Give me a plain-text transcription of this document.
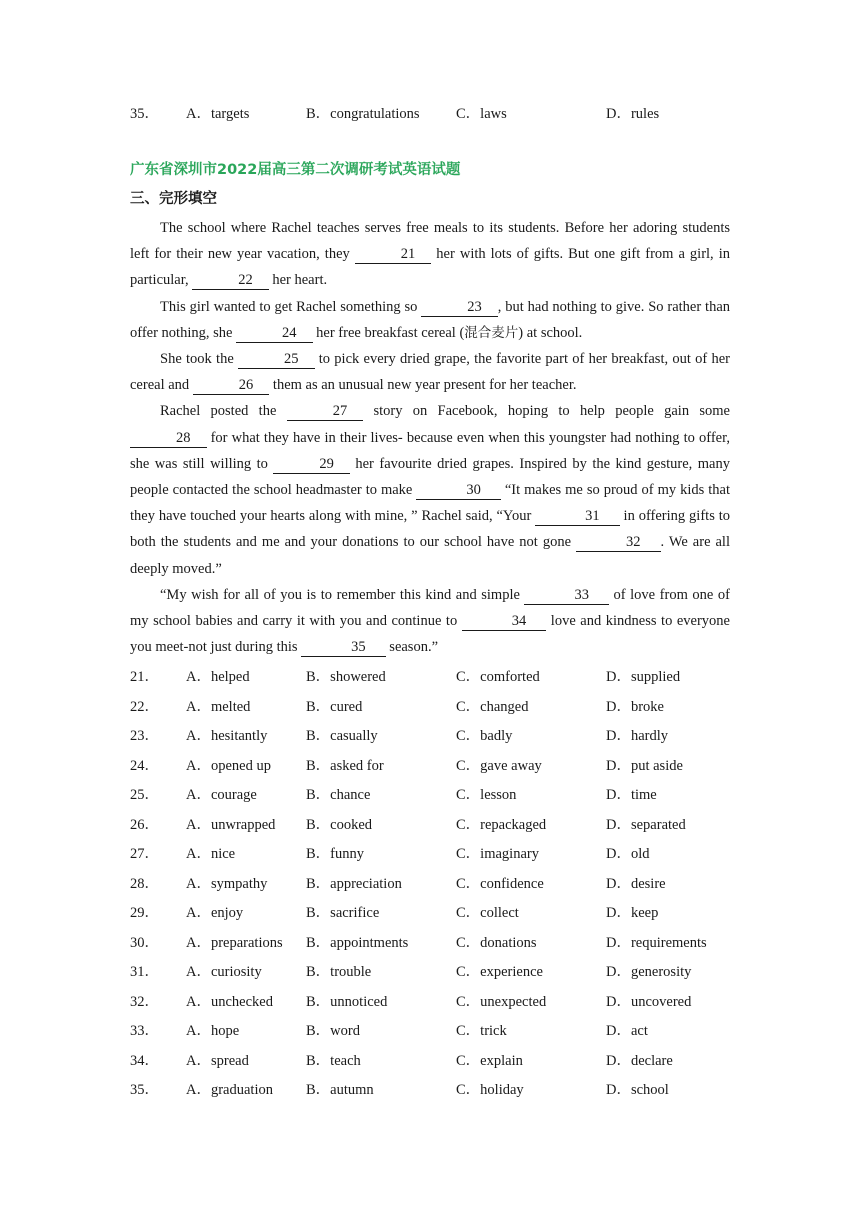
35． A．targets	B．congratulations	C．laws	D．rules
广东省深圳市2022届高三第二次调研考试英语试题
三、完形填空

The school where Rachel teaches serves free meals to its students. Before her adoring students left for their new year vacation, they	21 her with lots of gifts. But one gift from a girl, in particular,	22 her heart.

This girl wanted to get Rachel something so	23 , but had nothing to give. So rather than offer nothing, she	24 her free breakfast cereal (混合麦片) at school.

She took the	25 to pick every dried grape, the favorite part of her breakfast, out of her cereal and	26 them as an unusual new year present for her teacher.

Rachel posted the	27 story on Facebook, hoping to help people gain some 28 for what they have in their lives- because even when this youngster had nothing to offer, she was still willing to	29 her favourite dried grapes. Inspired by the kind gesture, many people contacted the school headmaster to make	30 “It makes me so proud of my kids that they have touched your hearts along with mine, ” Rachel said, “Your	31 in offering gifts to both the students and me and your donations to our school have not gone	32 . We are all deeply moved.”

“My wish for all of you is to remember this kind and simple	33 of love from one of my school babies and carry it with you and continue to	34 love and kindness to everyone you meet-not just during this	35 season.”

21． A．helped	B．showered	C．comforted	D．supplied
22． A．melted	B．cured	C．changed	D．broke
23． A．hesitantly	B．casually	C．badly	D．hardly
24． A．opened up B．asked for	C．gave away	D．put aside
25． A．courage	B．chance	C．lesson	D．time
26． A．unwrapped B．cooked	C．repackaged	D．separated
27． A．nice	B．funny	C．imaginary	D．old
28． A．sympathy	B．appreciation	C．confidence	D．desire
29． A．enjoy	B．sacrifice	C．collect	D．keep
30． A．preparations B．appointments	C．donations	D．requirements
31． A．curiosity	B．trouble	C．experience	D．generosity
32． A．unchecked B．unnoticed	C．unexpected	D．uncovered
33． A．hope	B．word	C．trick	D．act
34． A．spread	B．teach	C．explain	D．declare
35． A．graduation B．autumn	C．holiday	D．school
